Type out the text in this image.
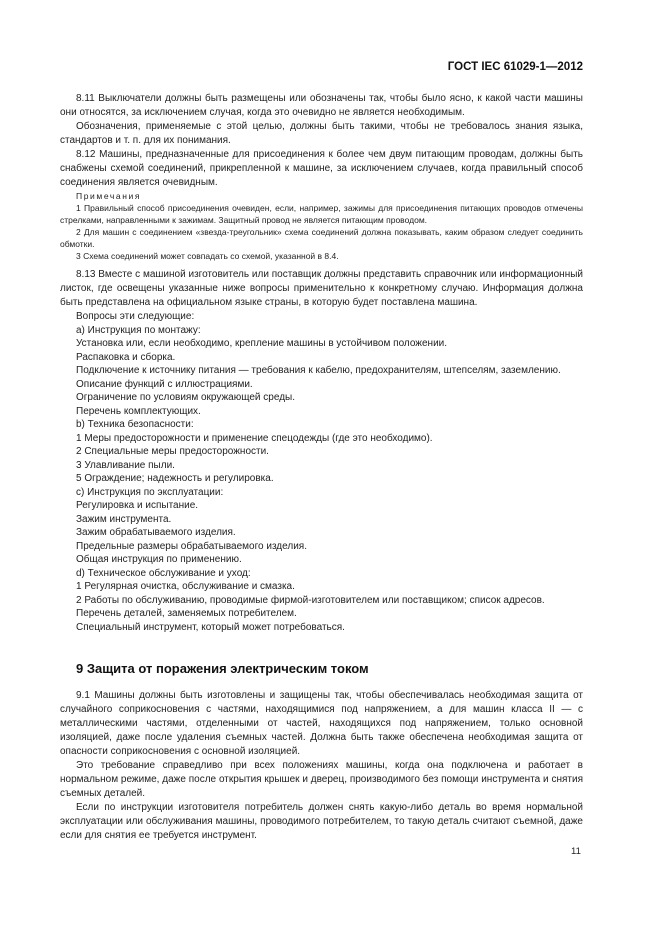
ГОСТ IEC 61029-1—2012

8.11 Выключатели должны быть размещены или обозначены так, чтобы было ясно, к какой части машины они относятся, за исключением случая, когда это очевидно не является необходимым.

Обозначения, применяемые с этой целью, должны быть такими, чтобы не требовалось знания языка, стандартов и т. п. для их понимания.

8.12 Машины, предназначенные для присоединения к более чем двум питающим проводам, должны быть снабжены схемой соединений, прикрепленной к машине, за исключением случаев, когда правильный способ соединения является очевидным.

Примечания

1 Правильный способ присоединения очевиден, если, например, зажимы для присоединения питающих проводов отмечены стрелками, направленными к зажимам. Защитный провод не является питающим проводом.

2 Для машин с соединением «звезда-треугольник» схема соединений должна показывать, каким образом следует соединить обмотки.

3 Схема соединений может совпадать со схемой, указанной в 8.4.

8.13 Вместе с машиной изготовитель или поставщик должны представить справочник или информационный листок, где освещены указанные ниже вопросы применительно к конкретному случаю. Информация должна быть представлена на официальном языке страны, в которую будет поставлена машина.

Вопросы эти следующие:

а) Инструкция по монтажу:

Установка или, если необходимо, крепление машины в устойчивом положении.

Распаковка и сборка.

Подключение к источнику питания — требования к кабелю, предохранителям, штепселям, заземлению.

Описание функций с иллюстрациями.

Ограничение по условиям окружающей среды.

Перечень комплектующих.

b) Техника безопасности:

1 Меры предосторожности и применение спецодежды (где это необходимо).

2 Специальные меры предосторожности.

3 Улавливание пыли.

5 Ограждение; надежность и регулировка.

с) Инструкция по эксплуатации:

Регулировка и испытание.

Зажим инструмента.

Зажим обрабатываемого изделия.

Предельные размеры обрабатываемого изделия.

Общая инструкция по применению.

d) Техническое обслуживание и уход:

1 Регулярная очистка, обслуживание и смазка.

2 Работы по обслуживанию, проводимые фирмой-изготовителем или поставщиком; список адресов.

Перечень деталей, заменяемых потребителем.

Специальный инструмент, который может потребоваться.

9 Защита от поражения электрическим током

9.1 Машины должны быть изготовлены и защищены так, чтобы обеспечивалась необходимая защита от случайного соприкосновения с частями, находящимися под напряжением, а для машин класса II — с металлическими частями, отделенными от частей, находящихся под напряжением, только основной изоляцией, даже после удаления съемных частей. Должна быть также обеспечена необходимая защита от опасности соприкосновения с основной изоляцией.

Это требование справедливо при всех положениях машины, когда она подключена и работает в нормальном режиме, даже после открытия крышек и дверец, производимого без помощи инструмента и снятия съемных деталей.

Если по инструкции изготовителя потребитель должен снять какую-либо деталь во время нормальной эксплуатации или обслуживания машины, проводимого потребителем, то такую деталь считают съемной, даже если для снятия ее требуется инструмент.

11
